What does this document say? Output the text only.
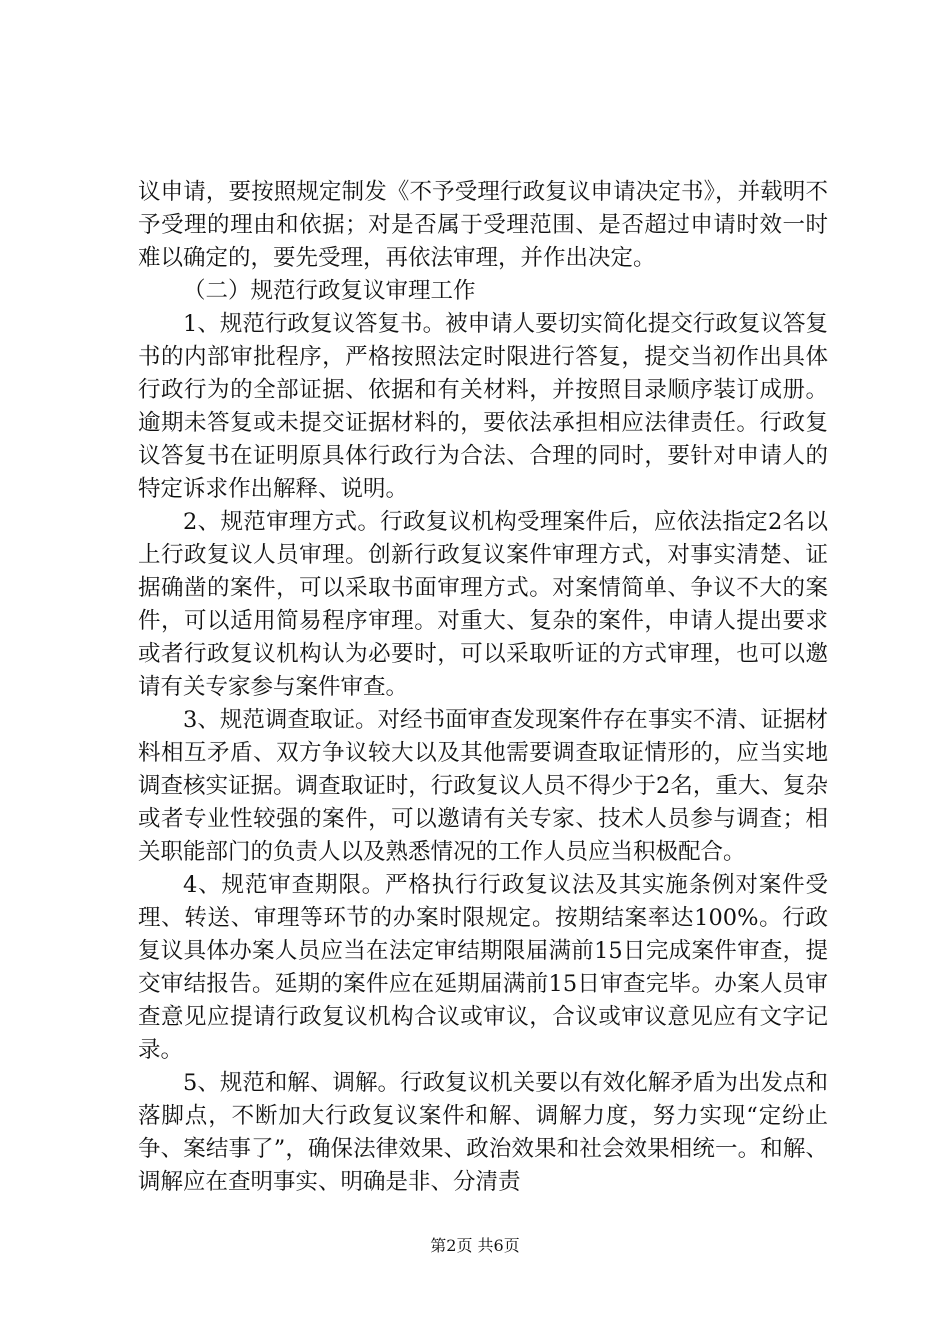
议申请，要按照规定制发《不予受理行政复议申请决定书》，并载明不予受理的理由和依据；对是否属于受理范围、是否超过申请时效一时难以确定的，要先受理，再依法审理，并作出决定。

（二）规范行政复议审理工作

1、规范行政复议答复书。被申请人要切实简化提交行政复议答复书的内部审批程序，严格按照法定时限进行答复，提交当初作出具体行政行为的全部证据、依据和有关材料，并按照目录顺序装订成册。逾期未答复或未提交证据材料的，要依法承担相应法律责任。行政复议答复书在证明原具体行政行为合法、合理的同时，要针对申请人的特定诉求作出解释、说明。

2、规范审理方式。行政复议机构受理案件后，应依法指定2名以上行政复议人员审理。创新行政复议案件审理方式，对事实清楚、证据确凿的案件，可以采取书面审理方式。对案情简单、争议不大的案件，可以适用简易程序审理。对重大、复杂的案件，申请人提出要求或者行政复议机构认为必要时，可以采取听证的方式审理，也可以邀请有关专家参与案件审查。

3、规范调查取证。对经书面审查发现案件存在事实不清、证据材料相互矛盾、双方争议较大以及其他需要调查取证情形的，应当实地调查核实证据。调查取证时，行政复议人员不得少于2名，重大、复杂或者专业性较强的案件，可以邀请有关专家、技术人员参与调查；相关职能部门的负责人以及熟悉情况的工作人员应当积极配合。

4、规范审查期限。严格执行行政复议法及其实施条例对案件受理、转送、审理等环节的办案时限规定。按期结案率达100%。行政复议具体办案人员应当在法定审结期限届满前15日完成案件审查，提交审结报告。延期的案件应在延期届满前15日审查完毕。办案人员审查意见应提请行政复议机构合议或审议，合议或审议意见应有文字记录。

5、规范和解、调解。行政复议机关要以有效化解矛盾为出发点和落脚点，不断加大行政复议案件和解、调解力度，努力实现“定纷止争、案结事了”，确保法律效果、政治效果和社会效果相统一。和解、调解应在查明事实、明确是非、分清责

第2页 共6页
